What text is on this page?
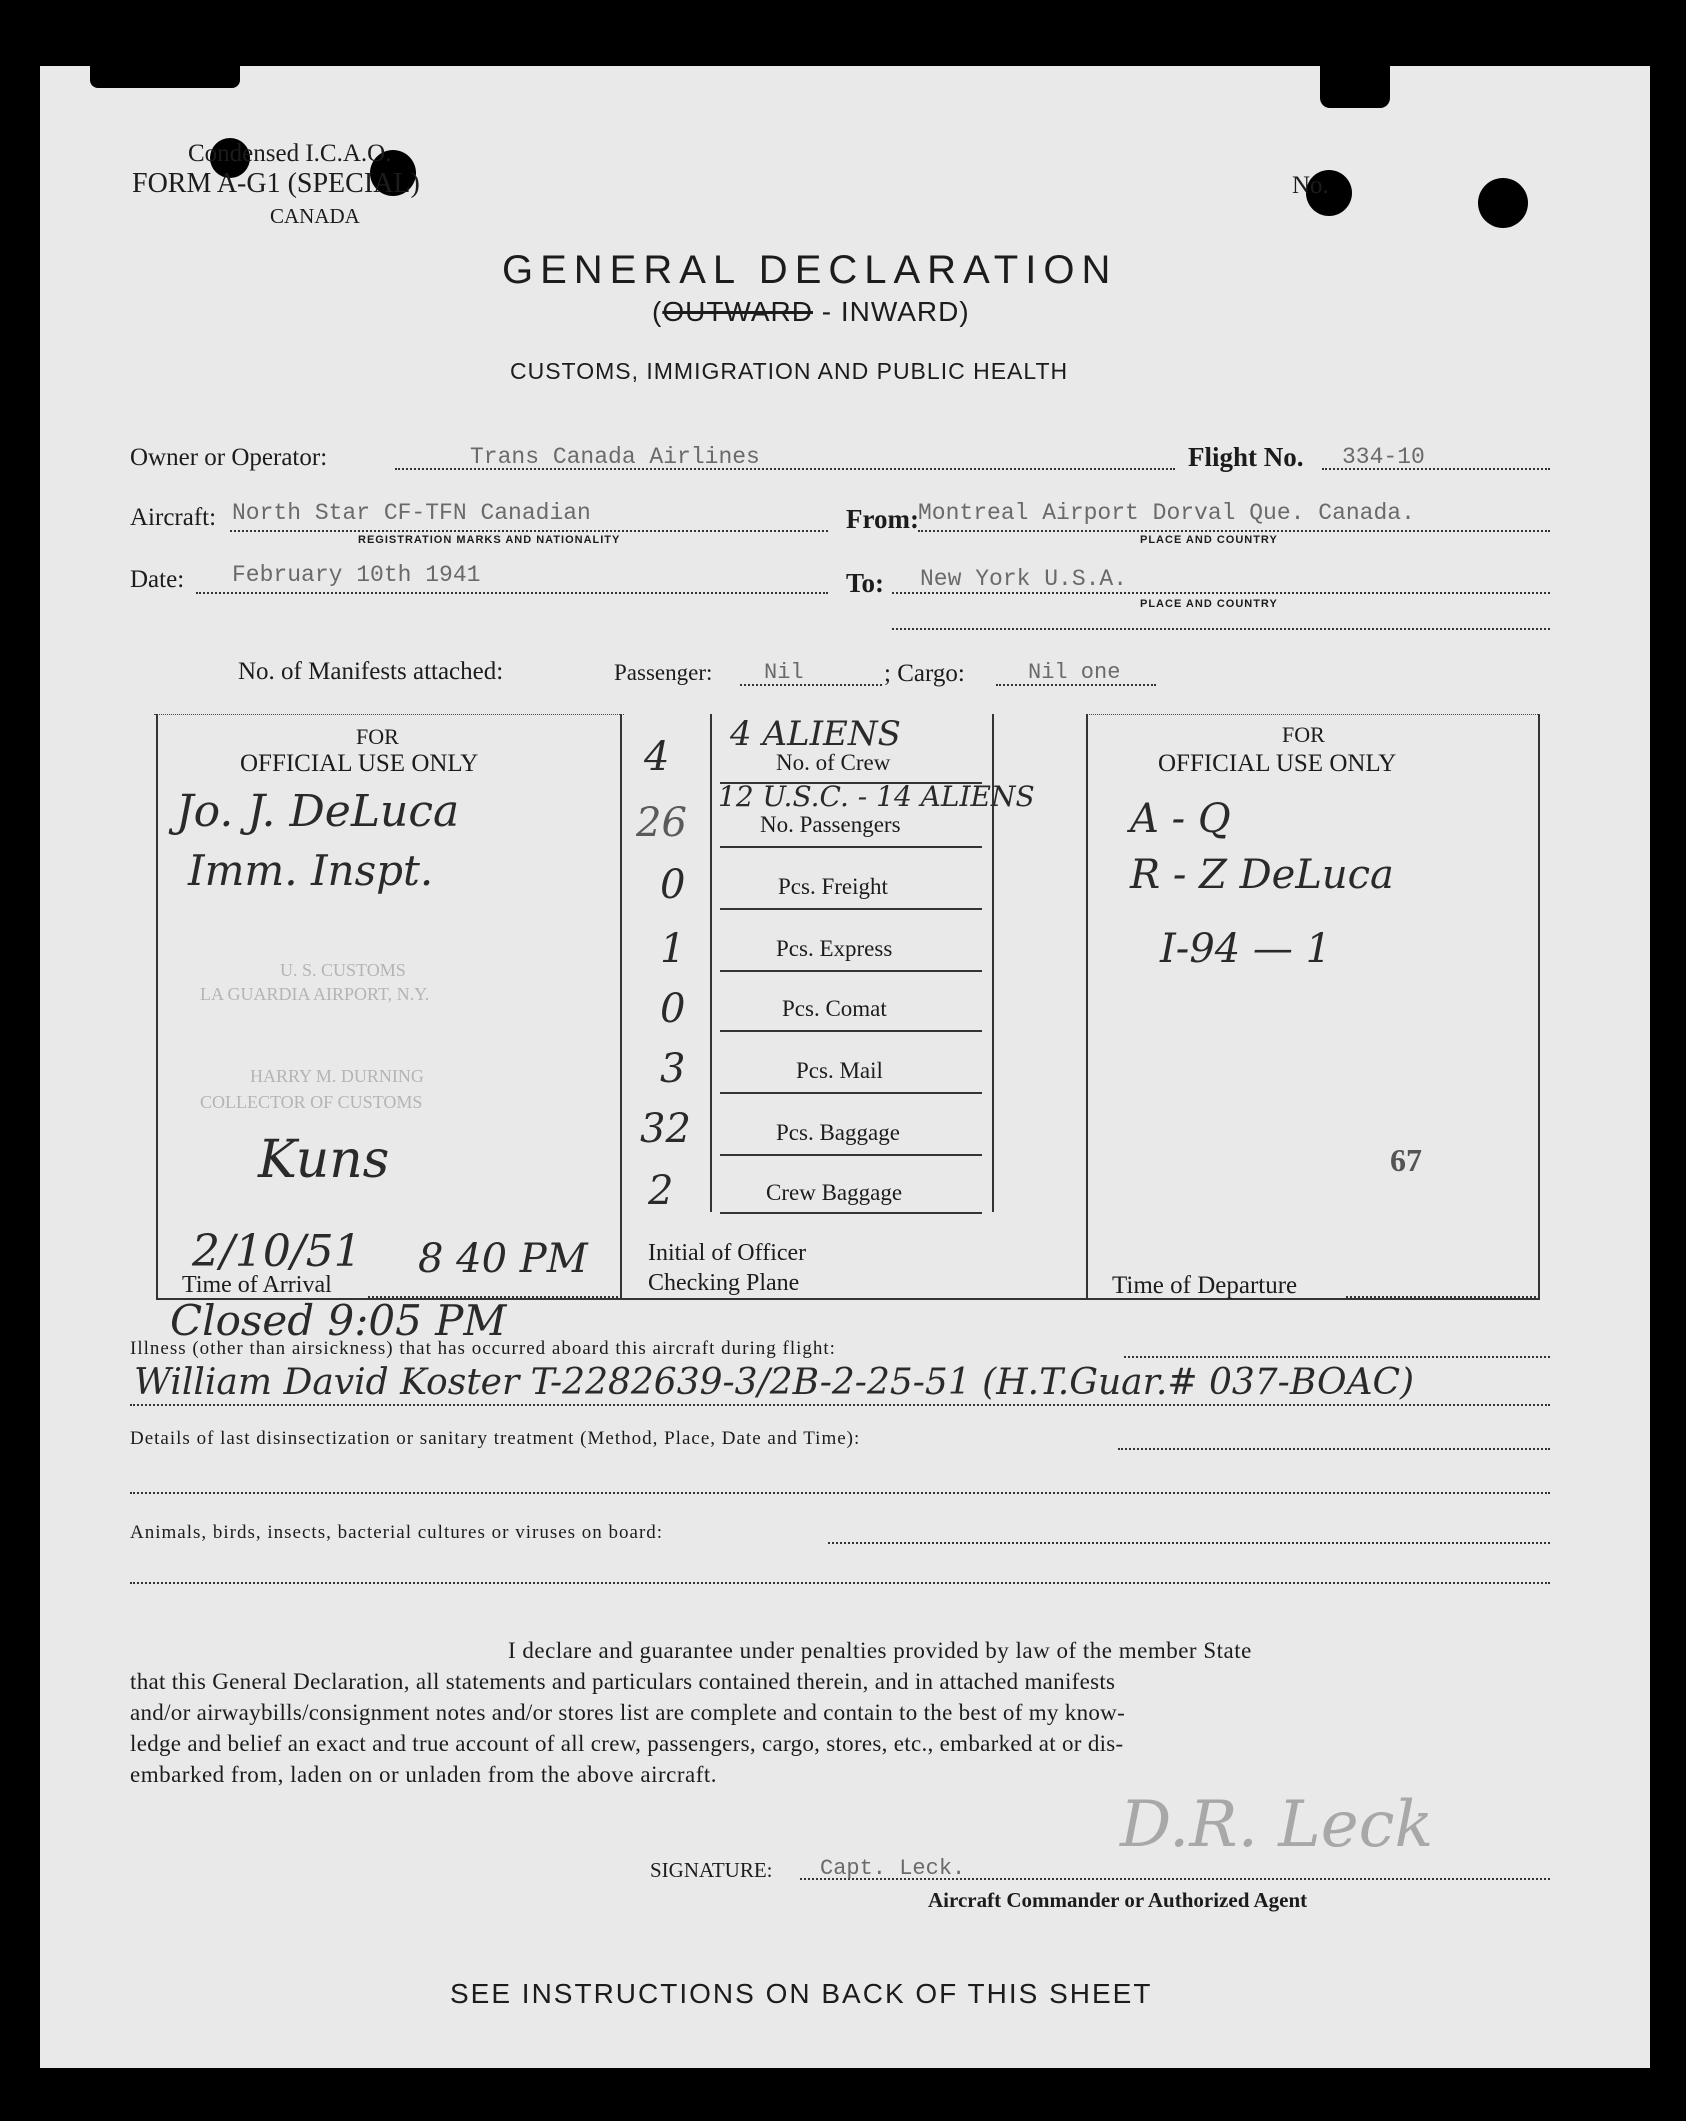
Condensed I.C.A.O.
FORM A-G1 (SPECIAL)
CANADA
No.
GENERAL DECLARATION
(OUTWARD - INWARD)
CUSTOMS, IMMIGRATION AND PUBLIC HEALTH
Owner or Operator:	Trans Canada Airlines	Flight No. 334-10
Aircraft: North Star CF-TFN Canadian
REGISTRATION MARKS AND NATIONALITY
From: Montreal Airport Dorval Que. Canada.
PLACE AND COUNTRY
Date: February 10th 1941	To: New York U.S.A.
PLACE AND COUNTRY
No. of Manifests attached:	Passenger: Nil	; Cargo:	Nil one
FOR
OFFICIAL USE ONLY
Jo. J. DeLuca
Imm. Inspt.
U. S. CUSTOMS
LA GUARDIA AIRPORT, N.Y.
HARRY M. DURNING
COLLECTOR OF CUSTOMS
Kuns
2/10/51
Time of Arrival
8 40 PM
Closed 9:05 PM
4 ALIENS
12 U.S.C. - 14 ALIENS
4	No. of Crew
26	No. Passengers
0	Pcs. Freight
1	Pcs. Express
0	Pcs. Comat
3	Pcs. Mail
32	Pcs. Baggage
2	Crew Baggage
Initial of Officer
Checking Plane
FOR
OFFICIAL USE ONLY
A - Q
R - Z DeLuca
I-94 — 1
67
Time of Departure
Illness (other than airsickness) that has occurred aboard this aircraft during flight:
William David Koster T-2282639-3/2B-2-25-51 (H.T.Guar.# 037-BOAC)
Details of last disinsectization or sanitary treatment (Method, Place, Date and Time):
Animals, birds, insects, bacterial cultures or viruses on board:
I declare and guarantee under penalties provided by law of the member State
that this General Declaration, all statements and particulars contained therein, and in attached manifests
and/or airwaybills/consignment notes and/or stores list are complete and contain to the best of my know-
ledge and belief an exact and true account of all crew, passengers, cargo, stores, etc., embarked at or dis-
embarked from, laden on or unladen from the above aircraft.
D.R. Leck
SIGNATURE: Capt. Leck.
Aircraft Commander or Authorized Agent
SEE INSTRUCTIONS ON BACK OF THIS SHEET
